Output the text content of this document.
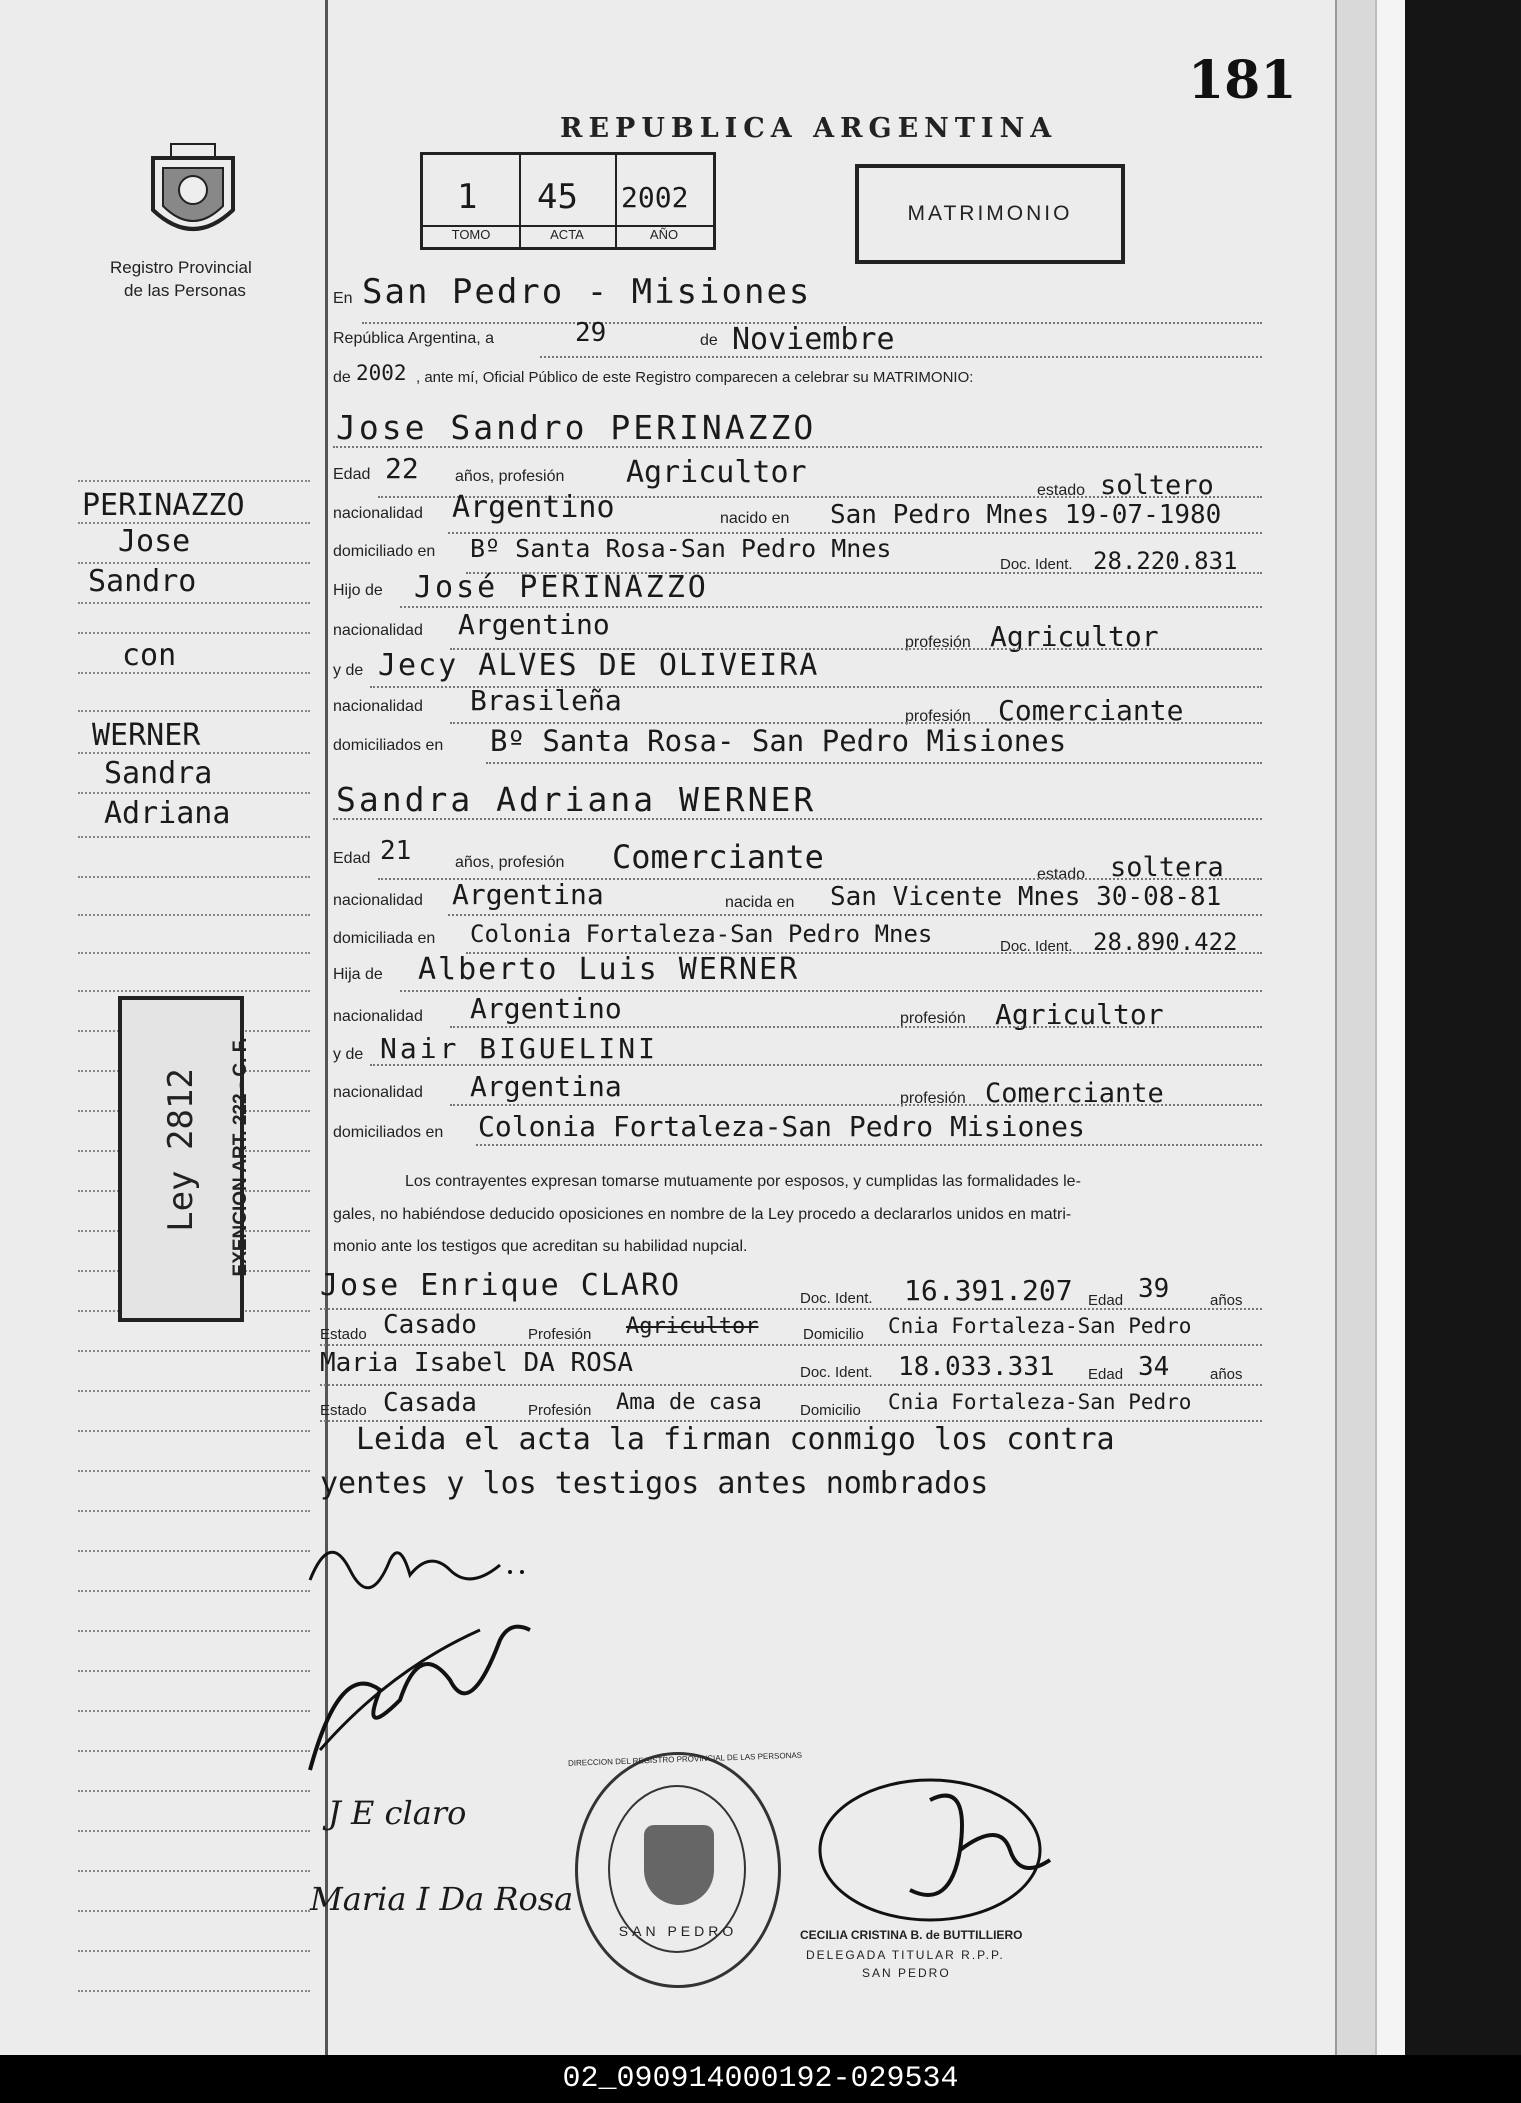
181
Registro Provincial
de las Personas
REPUBLICA ARGENTINA
1
TOMO
45
ACTA
2002
AÑO
MATRIMONIO
En San Pedro - Misiones
República Argentina, a	29	de Noviembre
de 2002 , ante mí, Oficial Público de este Registro comparecen a celebrar su MATRIMONIO:
Jose Sandro PERINAZZO
Edad 22 años, profesión Agricultor
estado soltero
nacionalidad Argentino	nacido en San Pedro Mnes 19-07-1980
domiciliado en Bº Santa Rosa-San Pedro Mnes
Doc. Ident. 28.220.831
Hijo de José PERINAZZO
nacionalidad Argentino
profesión Agricultor
y de Jecy ALVES DE OLIVEIRA
nacionalidad Brasileña	profesión Comerciante
domiciliados en Bº Santa Rosa- San Pedro Misiones
Sandra Adriana WERNER
Edad 21	años, profesión Comerciante	estado soltera
nacionalidad Argentina	nacida en San Vicente Mnes 30-08-81
domiciliada en Colonia Fortaleza-San Pedro Mnes	Doc. Ident. 28.890.422
Hija de Alberto Luis WERNER
nacionalidad Argentino	profesión Agricultor
y de Nair BIGUELINI
nacionalidad Argentina	profesión Comerciante
domiciliados en Colonia Fortaleza-San Pedro Misiones
Los contrayentes expresan tomarse mutuamente por esposos, y cumplidas las formalidades le-
gales, no habiéndose deducido oposiciones en nombre de la Ley procedo a declararlos unidos en matri-
monio ante los testigos que acreditan su habilidad nupcial.
Jose Enrique CLARO	Doc. Ident. 16.391.207 Edad 39	años
Estado Casado	Profesión Agricultor	Domicilio Cnia Fortaleza-San Pedro
Maria Isabel DA ROSA	Doc. Ident. 18.033.331 Edad 34	años
Estado Casada	Profesión Ama de casa	Domicilio Cnia Fortaleza-San Pedro
Leida el acta la firman conmigo los contra
yentes y los testigos antes nombrados
J E claro
Maria I Da Rosa
DIRECCION DEL REGISTRO PROVINCIAL DE LAS PERSONAS
SAN PEDRO	CECILIA CRISTINA B. de BUTTILLIERO
DELEGADA TITULAR R.P.P.
SAN PEDRO
PERINAZZO
Jose
Sandro
con
WERNER
Sandra
Adriana
Ley 2812 EXENCION ART. 222 - C. F.
02_090914000192-029534
